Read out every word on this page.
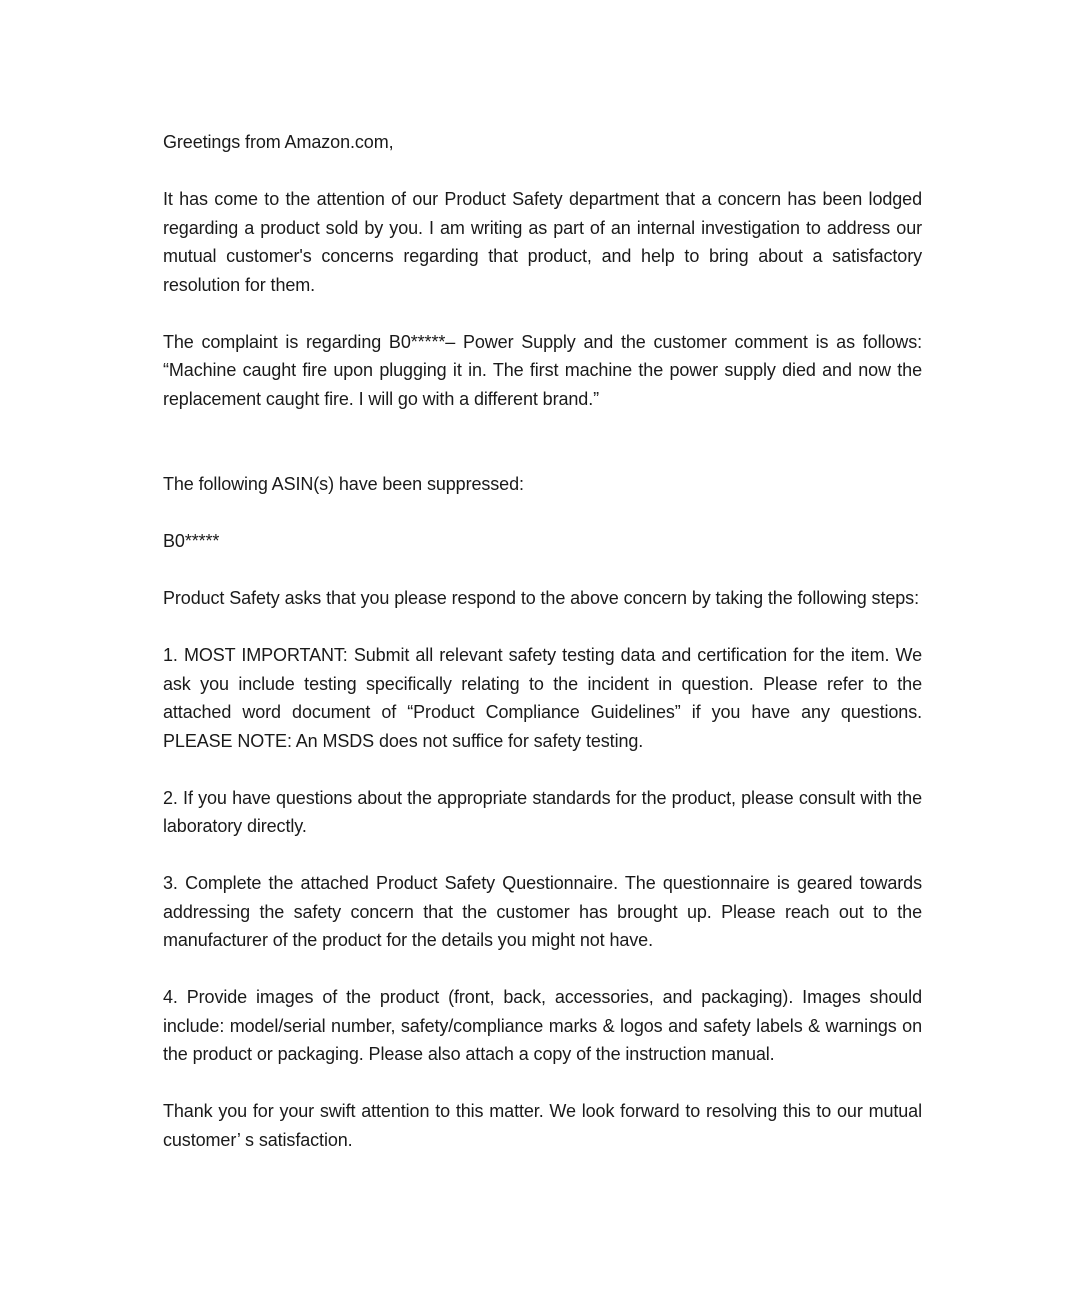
Greetings from Amazon.com,

It has come to the attention of our Product Safety department that a concern has been lodged regarding a product sold by you. I am writing as part of an internal investigation to address our mutual customer's concerns regarding that product, and help to bring about a satisfactory resolution for them.

The complaint is regarding B0*****– Power Supply and the customer comment is as follows: “Machine caught fire upon plugging it in. The first machine the power supply died and now the replacement caught fire. I will go with a different brand.”

The following ASIN(s) have been suppressed:

B0*****

Product Safety asks that you please respond to the above concern by taking the following steps:

1. MOST IMPORTANT: Submit all relevant safety testing data and certification for the item. We ask you include testing specifically relating to the incident in question. Please refer to the attached word document of “Product Compliance Guidelines” if you have any questions. PLEASE NOTE: An MSDS does not suffice for safety testing.

2. If you have questions about the appropriate standards for the product, please consult with the laboratory directly.

3. Complete the attached Product Safety Questionnaire. The questionnaire is geared towards addressing the safety concern that the customer has brought up. Please reach out to the manufacturer of the product for the details you might not have.

4. Provide images of the product (front, back, accessories, and packaging). Images should include: model/serial number, safety/compliance marks & logos and safety labels & warnings on the product or packaging. Please also attach a copy of the instruction manual.

Thank you for your swift attention to this matter. We look forward to resolving this to our mutual customer’ s satisfaction.
